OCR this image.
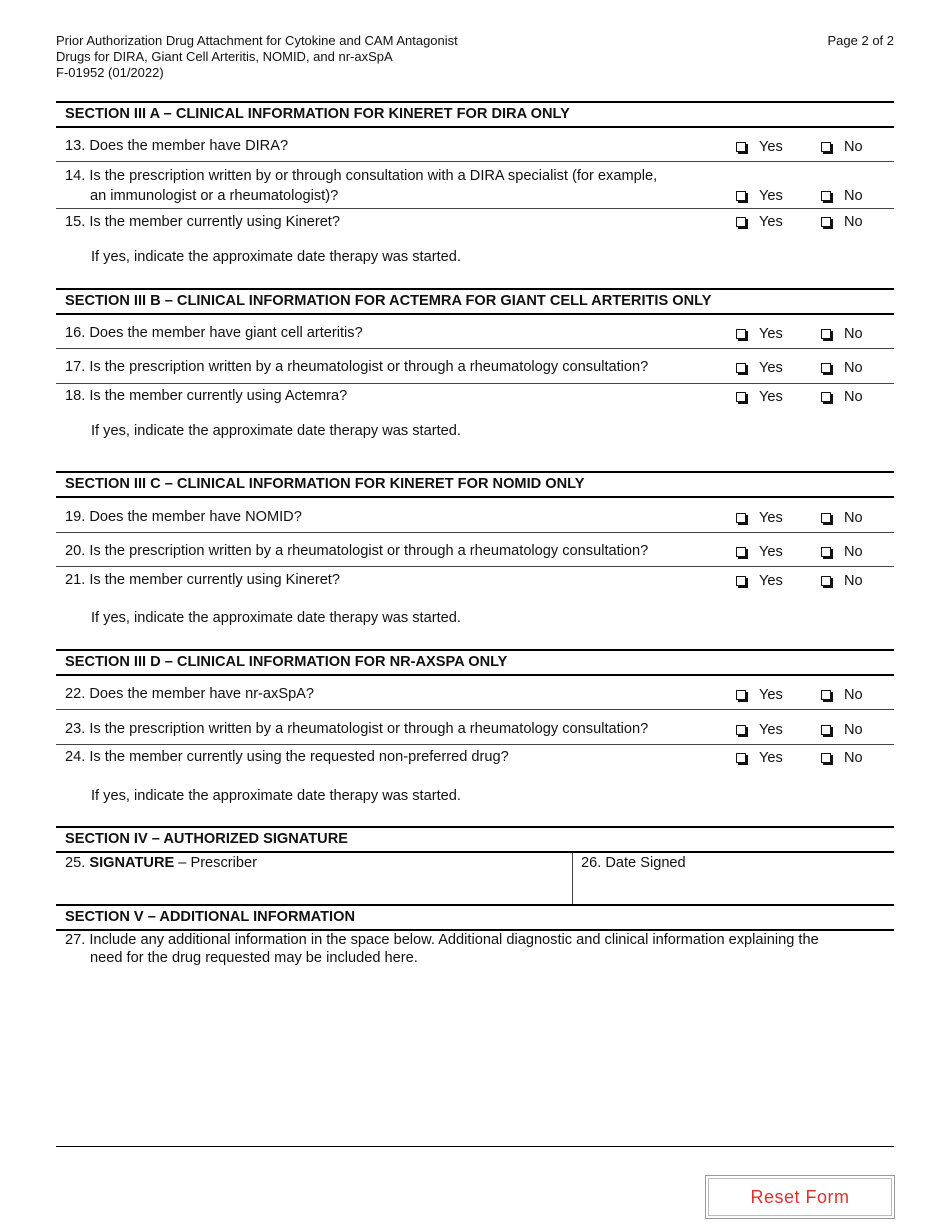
Prior Authorization Drug Attachment for Cytokine and CAM Antagonist
Drugs for DIRA, Giant Cell Arteritis, NOMID, and nr-axSpA
F-01952 (01/2022)
Page 2 of 2
SECTION III A – CLINICAL INFORMATION FOR KINERET FOR DIRA ONLY
13. Does the member have DIRA?	Yes	No
14. Is the prescription written by or through consultation with a DIRA specialist (for example,
an immunologist or a rheumatologist)?	Yes	No
15. Is the member currently using Kineret?	Yes	No
If yes, indicate the approximate date therapy was started.
SECTION III B – CLINICAL INFORMATION FOR ACTEMRA FOR GIANT CELL ARTERITIS ONLY
16. Does the member have giant cell arteritis?	Yes	No
17. Is the prescription written by a rheumatologist or through a rheumatology consultation?	Yes	No
18. Is the member currently using Actemra?	Yes	No
If yes, indicate the approximate date therapy was started.
SECTION III C – CLINICAL INFORMATION FOR KINERET FOR NOMID ONLY
19. Does the member have NOMID?	Yes	No
20. Is the prescription written by a rheumatologist or through a rheumatology consultation?	Yes	No
21. Is the member currently using Kineret?	Yes	No
If yes, indicate the approximate date therapy was started.
SECTION III D – CLINICAL INFORMATION FOR NR-AXSPA ONLY
22. Does the member have nr-axSpA?	Yes	No
23. Is the prescription written by a rheumatologist or through a rheumatology consultation?	Yes	No
24. Is the member currently using the requested non-preferred drug?	Yes	No
If yes, indicate the approximate date therapy was started.
SECTION IV – AUTHORIZED SIGNATURE
25. SIGNATURE – Prescriber	26. Date Signed
SECTION V – ADDITIONAL INFORMATION
27. Include any additional information in the space below. Additional diagnostic and clinical information explaining the
need for the drug requested may be included here.
Reset Form
